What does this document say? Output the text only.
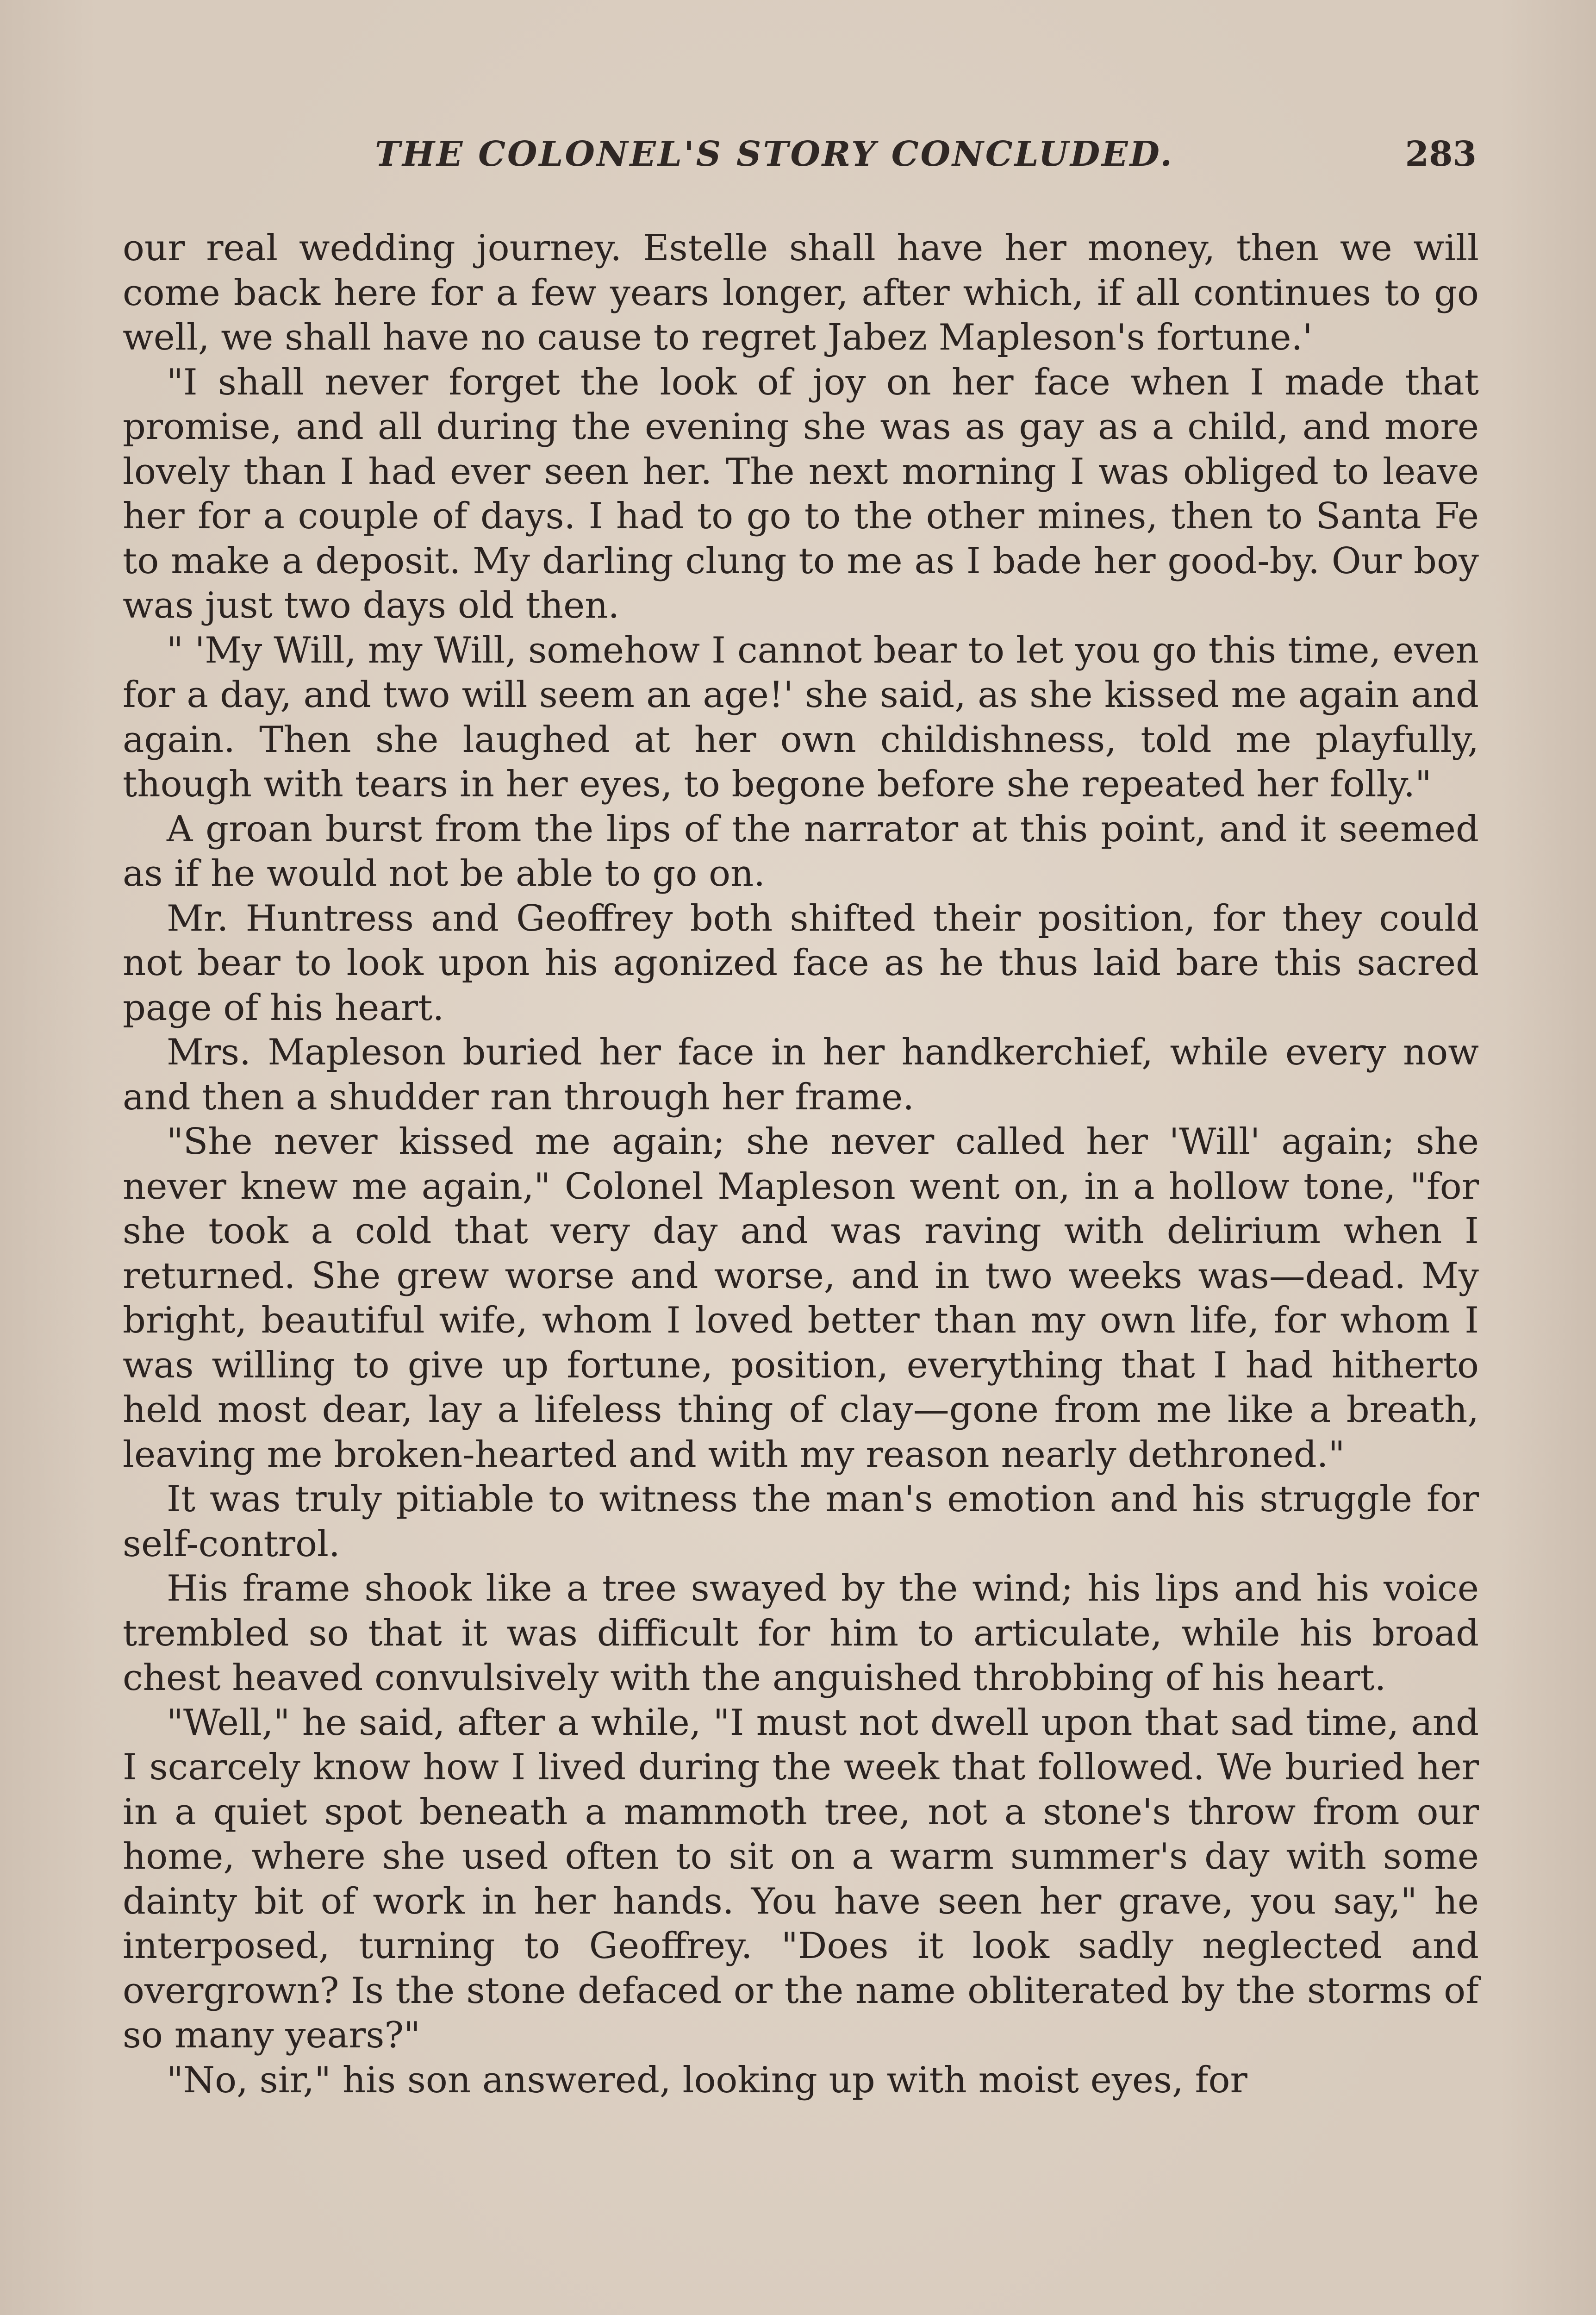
THE COLONEL'S STORY CONCLUDED.	283

our real wedding journey. Estelle shall have her money, then we will come back here for a few years longer, after which, if all continues to go well, we shall have no cause to regret Jabez Mapleson's fortune.'

"I shall never forget the look of joy on her face when I made that promise, and all during the evening she was as gay as a child, and more lovely than I had ever seen her. The next morning I was obliged to leave her for a couple of days. I had to go to the other mines, then to Santa Fe to make a deposit. My darling clung to me as I bade her good-by. Our boy was just two days old then.

" 'My Will, my Will, somehow I cannot bear to let you go this time, even for a day, and two will seem an age!' she said, as she kissed me again and again. Then she laughed at her own childishness, told me playfully, though with tears in her eyes, to begone before she repeated her folly."

A groan burst from the lips of the narrator at this point, and it seemed as if he would not be able to go on.

Mr. Huntress and Geoffrey both shifted their position, for they could not bear to look upon his agonized face as he thus laid bare this sacred page of his heart.

Mrs. Mapleson buried her face in her handkerchief, while every now and then a shudder ran through her frame.

"She never kissed me again; she never called her 'Will' again; she never knew me again," Colonel Mapleson went on, in a hollow tone, "for she took a cold that very day and was raving with delirium when I returned. She grew worse and worse, and in two weeks was—dead. My bright, beautiful wife, whom I loved better than my own life, for whom I was willing to give up fortune, position, everything that I had hitherto held most dear, lay a lifeless thing of clay—gone from me like a breath, leaving me broken-hearted and with my reason nearly dethroned."

It was truly pitiable to witness the man's emotion and his struggle for self-control.

His frame shook like a tree swayed by the wind; his lips and his voice trembled so that it was difficult for him to articulate, while his broad chest heaved convulsively with the anguished throbbing of his heart.

"Well," he said, after a while, "I must not dwell upon that sad time, and I scarcely know how I lived during the week that followed. We buried her in a quiet spot beneath a mammoth tree, not a stone's throw from our home, where she used often to sit on a warm summer's day with some dainty bit of work in her hands. You have seen her grave, you say," he interposed, turning to Geoffrey. "Does it look sadly neglected and overgrown? Is the stone defaced or the name obliterated by the storms of so many years?"

"No, sir," his son answered, looking up with moist eyes, for
